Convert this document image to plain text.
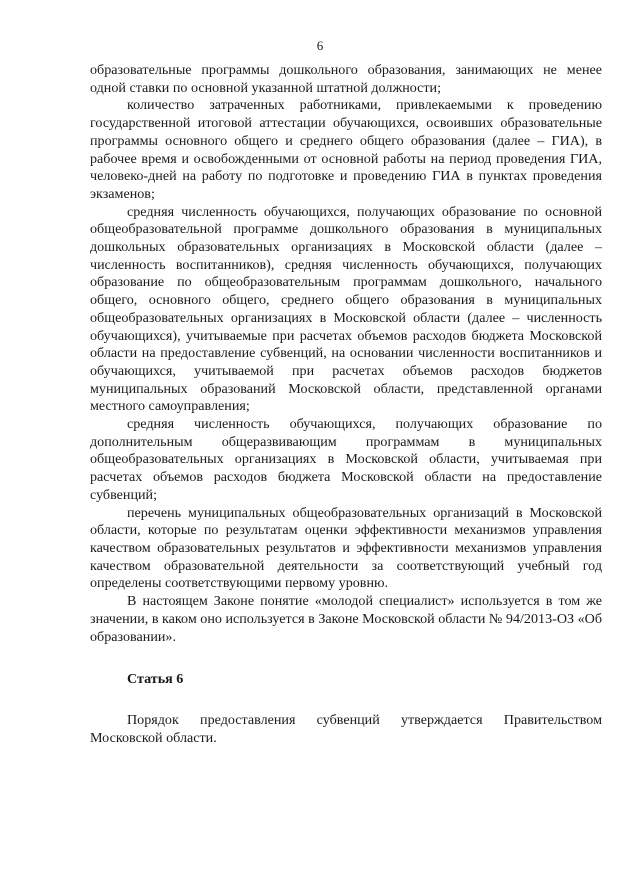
6

образовательные программы дошкольного образования, занимающих не менее одной ставки по основной указанной штатной должности;

количество затраченных работниками, привлекаемыми к проведению государственной итоговой аттестации обучающихся, освоивших образовательные программы основного общего и среднего общего образования (далее – ГИА), в рабочее время и освобожденными от основной работы на период проведения ГИА, человеко-дней на работу по подготовке и проведению ГИА в пунктах проведения экзаменов;

средняя численность обучающихся, получающих образование по основной общеобразовательной программе дошкольного образования в муниципальных дошкольных образовательных организациях в Московской области (далее – численность воспитанников), средняя численность обучающихся, получающих образование по общеобразовательным программам дошкольного, начального общего, основного общего, среднего общего образования в муниципальных общеобразовательных организациях в Московской области (далее – численность обучающихся), учитываемые при расчетах объемов расходов бюджета Московской области на предоставление субвенций, на основании численности воспитанников и обучающихся, учитываемой при расчетах объемов расходов бюджетов муниципальных образований Московской области, представленной органами местного самоуправления;

средняя численность обучающихся, получающих образование по дополнительным общеразвивающим программам в муниципальных общеобразовательных организациях в Московской области, учитываемая при расчетах объемов расходов бюджета Московской области на предоставление субвенций;

перечень муниципальных общеобразовательных организаций в Московской области, которые по результатам оценки эффективности механизмов управления качеством образовательных результатов и эффективности механизмов управления качеством образовательной деятельности за соответствующий учебный год определены соответствующими первому уровню.

В настоящем Законе понятие «молодой специалист» используется в том же значении, в каком оно используется в Законе Московской области № 94/2013-ОЗ «Об образовании».

Статья 6

Порядок предоставления субвенций утверждается Правительством Московской области.
